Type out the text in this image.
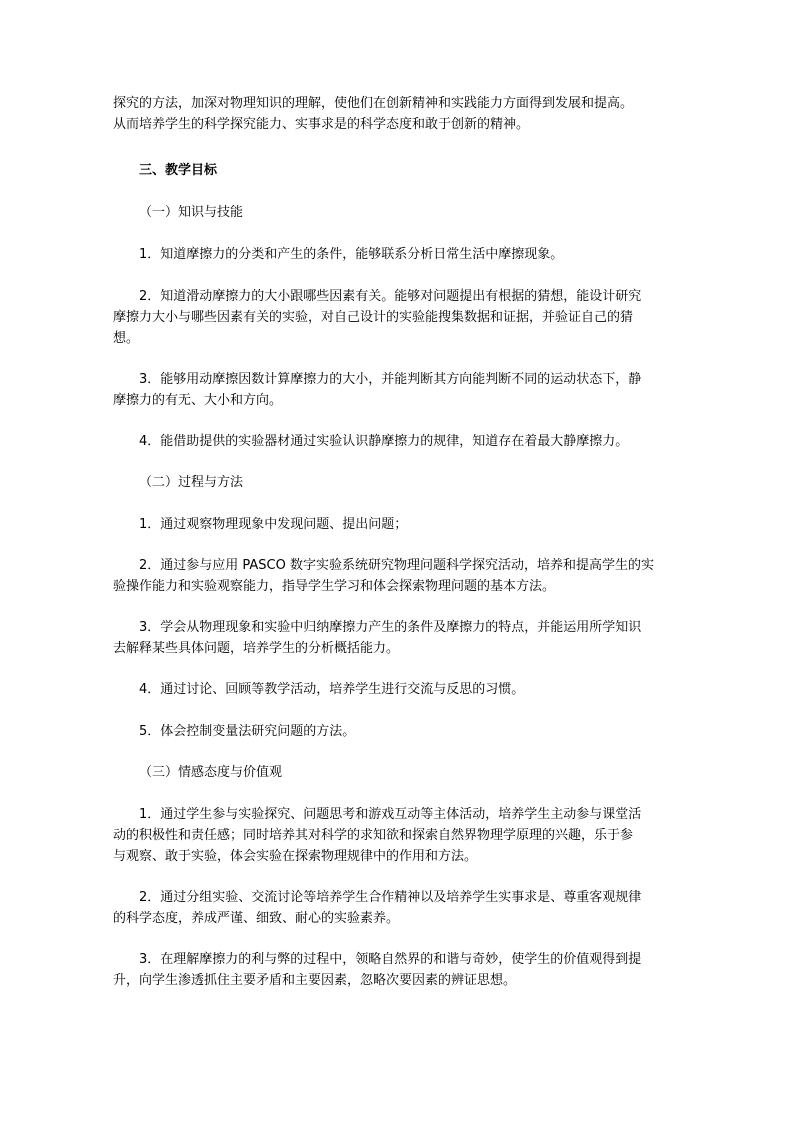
探究的方法，加深对物理知识的理解，使他们在创新精神和实践能力方面得到发展和提高。
从而培养学生的科学探究能力、实事求是的科学态度和敢于创新的精神。
三、教学目标
（一）知识与技能
1．知道摩擦力的分类和产生的条件，能够联系分析日常生活中摩擦现象。
2．知道滑动摩擦力的大小跟哪些因素有关。能够对问题提出有根据的猜想，能设计研究
摩擦力大小与哪些因素有关的实验，对自己设计的实验能搜集数据和证据，并验证自己的猜
想。
3．能够用动摩擦因数计算摩擦力的大小，并能判断其方向能判断不同的运动状态下，静
摩擦力的有无、大小和方向。
4．能借助提供的实验器材通过实验认识静摩擦力的规律，知道存在着最大静摩擦力。
（二）过程与方法
1．通过观察物理现象中发现问题、提出问题；
2．通过参与应用 PASCO 数字实验系统研究物理问题科学探究活动，培养和提高学生的实
验操作能力和实验观察能力，指导学生学习和体会探索物理问题的基本方法。
3．学会从物理现象和实验中归纳摩擦力产生的条件及摩擦力的特点，并能运用所学知识
去解释某些具体问题，培养学生的分析概括能力。
4．通过讨论、回顾等教学活动，培养学生进行交流与反思的习惯。
5．体会控制变量法研究问题的方法。
（三）情感态度与价值观
1．通过学生参与实验探究、问题思考和游戏互动等主体活动，培养学生主动参与课堂活
动的积极性和责任感；同时培养其对科学的求知欲和探索自然界物理学原理的兴趣，乐于参
与观察、敢于实验，体会实验在探索物理规律中的作用和方法。
2．通过分组实验、交流讨论等培养学生合作精神以及培养学生实事求是、尊重客观规律
的科学态度，养成严谨、细致、耐心的实验素养。
3．在理解摩擦力的利与弊的过程中，领略自然界的和谐与奇妙，使学生的价值观得到提
升，向学生渗透抓住主要矛盾和主要因素，忽略次要因素的辨证思想。
